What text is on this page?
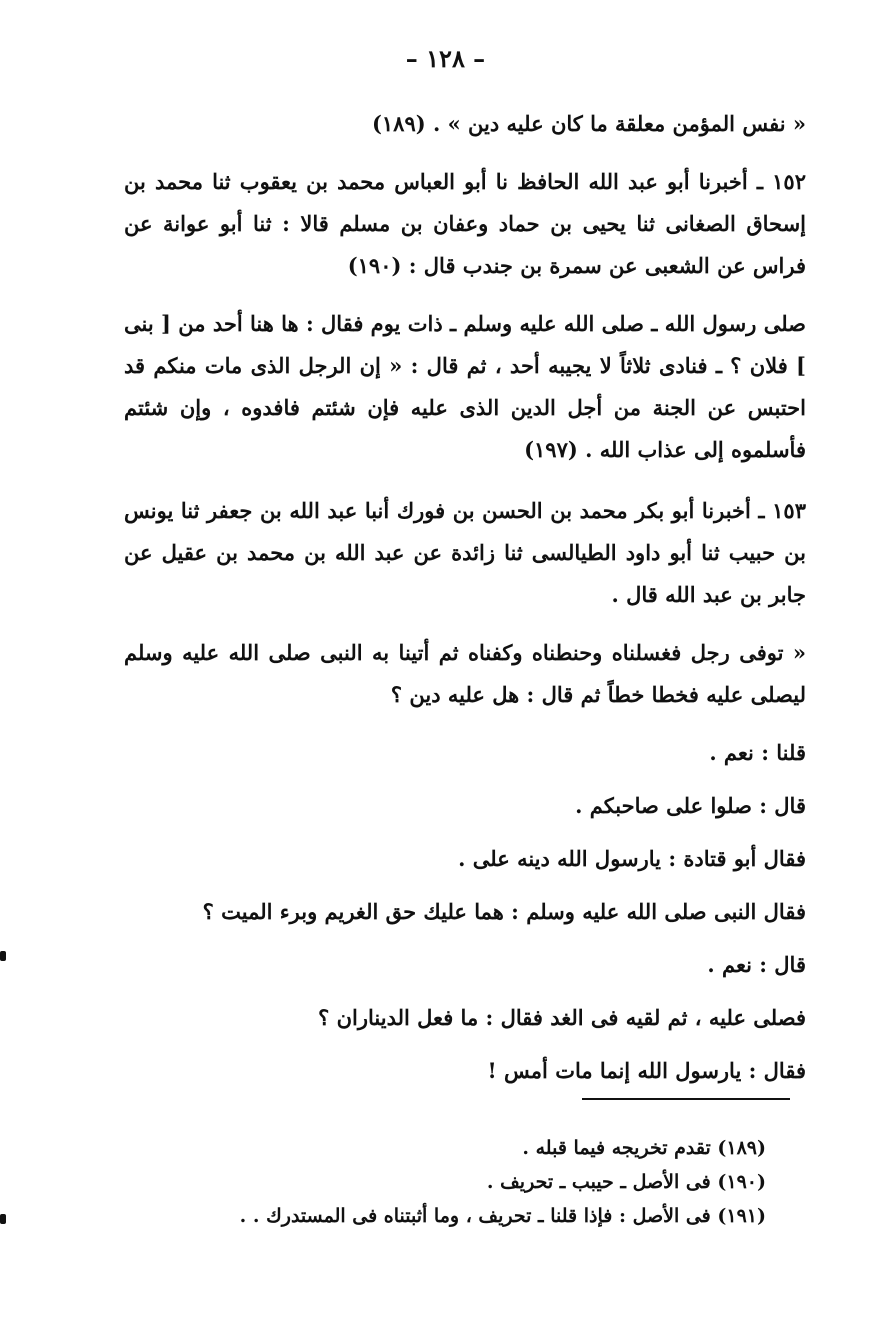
– ١٢٨ –

« نفس المؤمن معلقة ما كان عليه دين » . (١٨٩)

١٥٢ ـ أخبرنا أبو عبد الله الحافظ نا أبو العباس محمد بن يعقوب ثنا محمد بن إسحاق الصغانى ثنا يحيى بن حماد وعفان بن مسلم قالا : ثنا أبو عوانة عن فراس عن الشعبى عن سمرة بن جندب قال : (١٩٠)

صلى رسول الله ـ صلى الله عليه وسلم ـ ذات يوم فقال : ها هنا أحد من [ بنى ] فلان ؟ ـ فنادى ثلاثاً لا يجيبه أحد ، ثم قال : « إن الرجل الذى مات منكم قد احتبس عن الجنة من أجل الدين الذى عليه فإن شئتم فافدوه ، وإن شئتم فأسلموه إلى عذاب الله . (١٩٧)

١٥٣ ـ أخبرنا أبو بكر محمد بن الحسن بن فورك أنبا عبد الله بن جعفر ثنا يونس بن حبيب ثنا أبو داود الطيالسى ثنا زائدة عن عبد الله بن محمد بن عقيل عن جابر بن عبد الله قال .

« توفى رجل فغسلناه وحنطناه وكفناه ثم أتينا به النبى صلى الله عليه وسلم ليصلى عليه فخطا خطاً ثم قال : هل عليه دين ؟

قلنا : نعم .

قال : صلوا على صاحبكم .

فقال أبو قتادة : يارسول الله دينه على .

فقال النبى صلى الله عليه وسلم : هما عليك حق الغريم وبرء الميت ؟

قال : نعم .

فصلى عليه ، ثم لقيه فى الغد فقال : ما فعل الديناران ؟

فقال : يارسول الله إنما مات أمس !

(١٨٩) تقدم تخريجه فيما قبله .

(١٩٠) فى الأصل ـ حيبب ـ تحريف .

(١٩١) فى الأصل : فإذا قلنا ـ تحريف ، وما أثبتناه فى المستدرك . .
